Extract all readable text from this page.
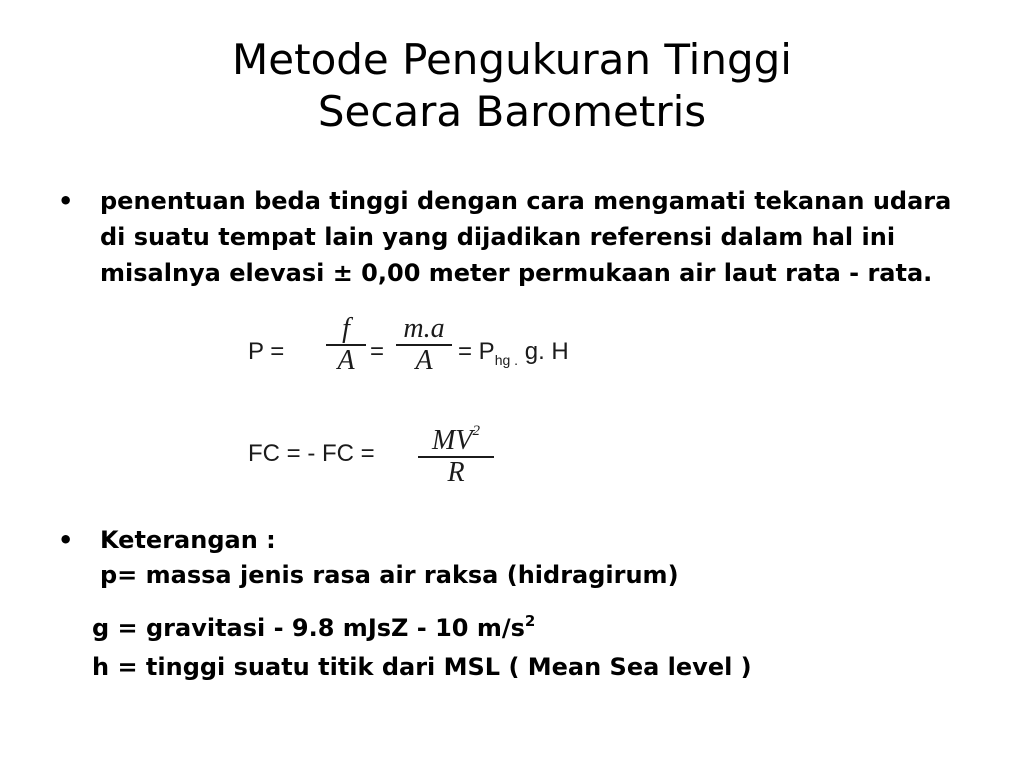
Metode Pengukuran Tinggi
Secara Barometris
•	penentuan beda tinggi dengan cara mengamati tekanan udara di suatu tempat lain yang dijadikan referensi dalam hal ini misalnya elevasi ± 0,00 meter permukaan air laut rata - rata.
P =
f
A =
m.a
A	= $P_{hg .}$ g. H
FC = - FC =	$MV^2$
R
•	Keterangan :
p= massa jenis rasa air raksa (hidragirum)
g = gravitasi - 9.8 mJsZ - 10 $m/s^2$
h = tinggi suatu titik dari MSL ( Mean Sea level )
